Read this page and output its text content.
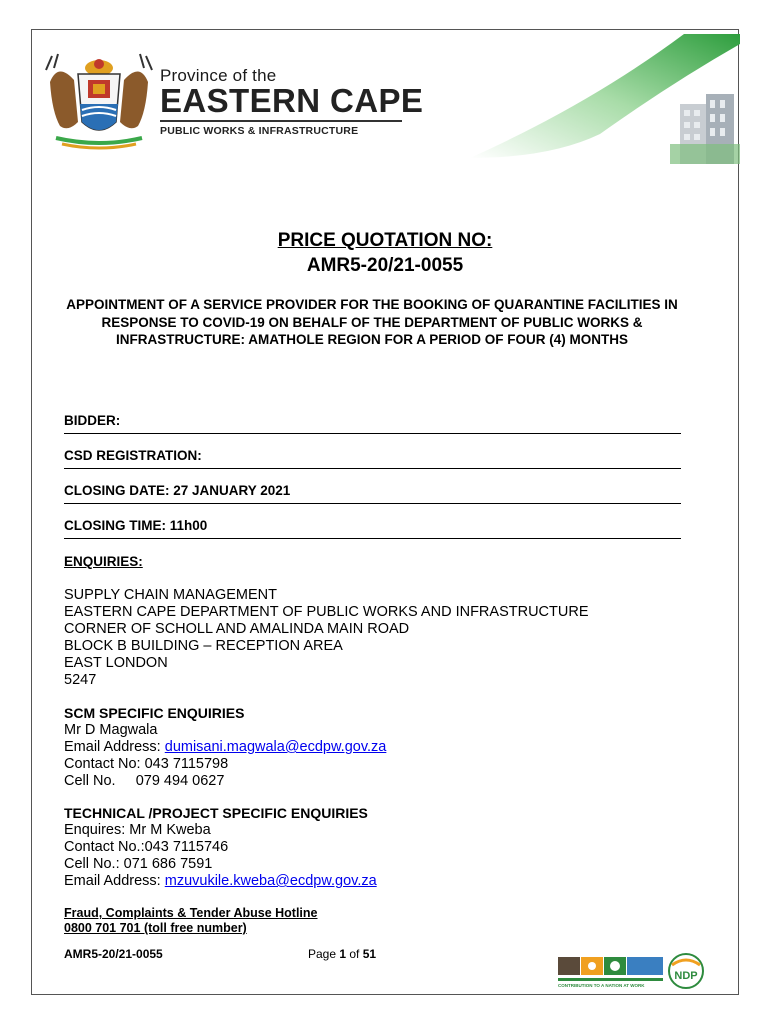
Province of the
EASTERN CAPE
PUBLIC WORKS & INFRASTRUCTURE
PRICE QUOTATION NO:
AMR5-20/21-0055
APPOINTMENT OF A SERVICE PROVIDER FOR THE BOOKING OF QUARANTINE FACILITIES IN RESPONSE TO COVID-19 ON BEHALF OF THE DEPARTMENT OF PUBLIC WORKS & INFRASTRUCTURE: AMATHOLE REGION FOR A PERIOD OF FOUR (4) MONTHS
BIDDER:
CSD REGISTRATION:
CLOSING DATE: 27 JANUARY 2021
CLOSING TIME: 11h00
ENQUIRIES:
SUPPLY CHAIN MANAGEMENT
EASTERN CAPE DEPARTMENT OF PUBLIC WORKS AND INFRASTRUCTURE
CORNER OF SCHOLL AND AMALINDA MAIN ROAD
BLOCK B BUILDING – RECEPTION AREA
EAST LONDON
5247
SCM SPECIFIC ENQUIRIES
Mr D Magwala
Email Address: dumisani.magwala@ecdpw.gov.za
Contact No: 043 7115798
Cell No.     079 494 0627
TECHNICAL /PROJECT SPECIFIC ENQUIRIES
Enquires: Mr M Kweba
Contact No.:043 7115746
Cell No.: 071 686 7591
Email Address: mzuvukile.kweba@ecdpw.gov.za
Fraud, Complaints & Tender Abuse Hotline
0800 701 701 (toll free number)
AMR5-20/21-0055	Page 1 of 51
CONTRIBUTION TO A NATION AT WORK
NDP
